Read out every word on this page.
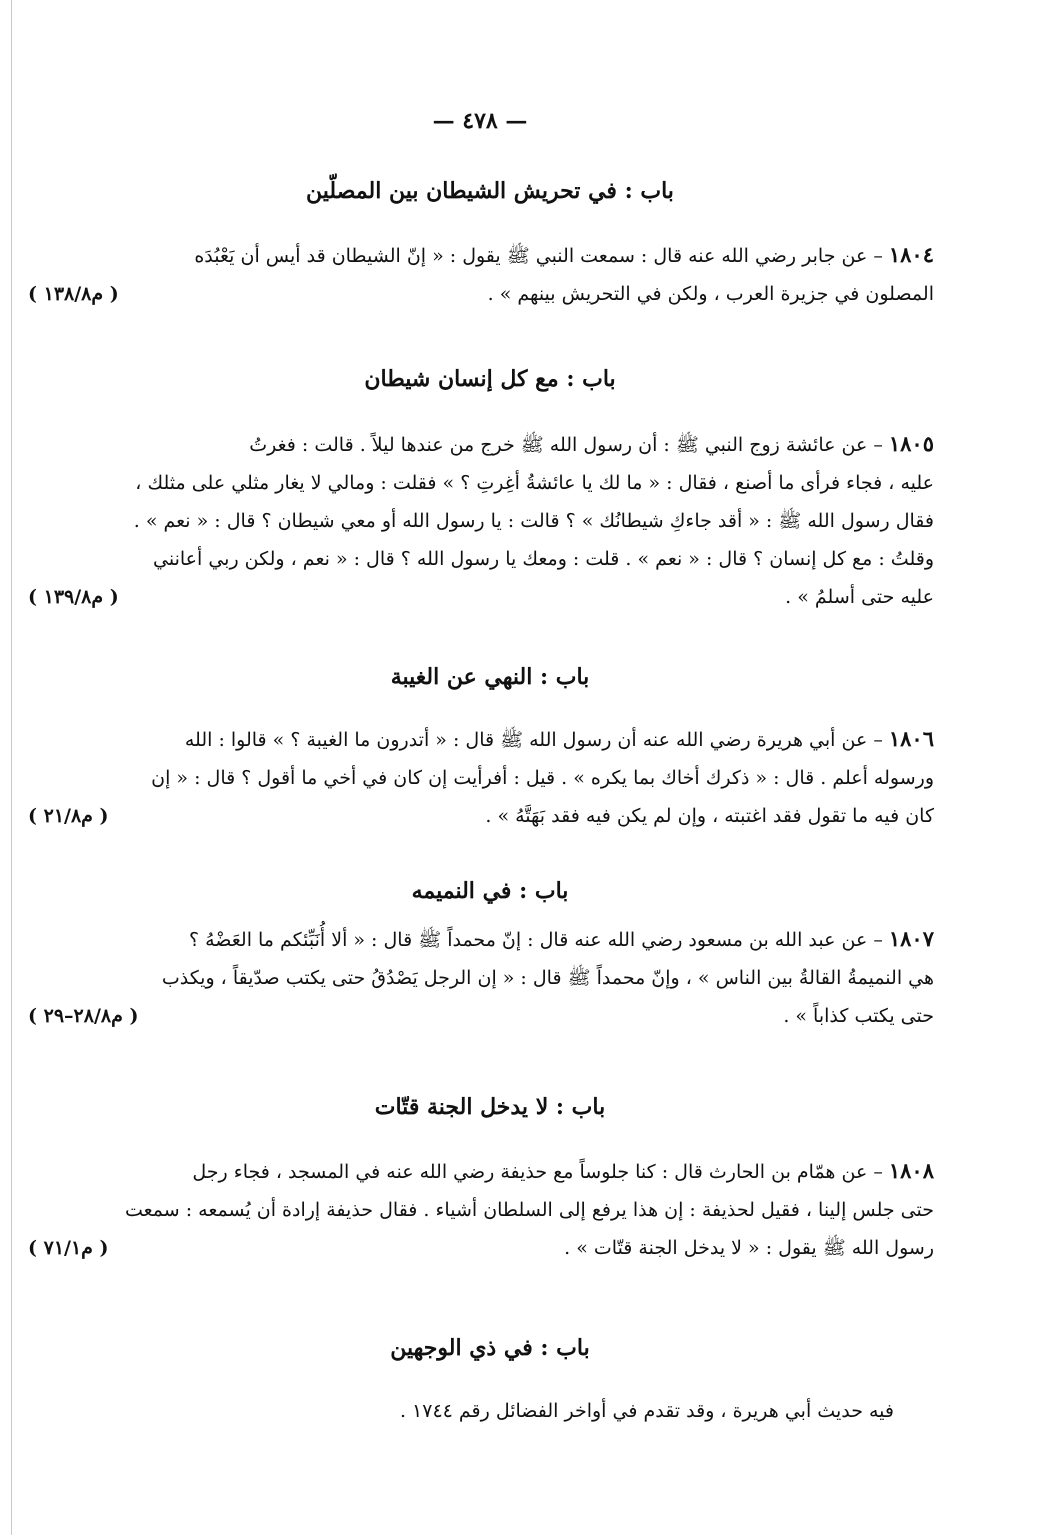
— ٤٧٨ —
باب : في تحريش الشيطان بين المصلّين
١٨٠٤ – عن جابر رضي الله عنه قال : سمعت النبي ﷺ يقول : « إنّ الشيطان قد أيس أن يَعْبُدَه
( م١٣٨/٨ )	المصلون في جزيرة العرب ، ولكن في التحريش بينهم » .
باب : مع كل إنسان شيطان
١٨٠٥ – عن عائشة زوج النبي ﷺ : أن رسول الله ﷺ خرج من عندها ليلاً . قالت : فغرتُ
عليه ، فجاء فرأى ما أصنع ، فقال : « ما لك يا عائشةُ أغِرتِ ؟ » فقلت : ومالي لا يغار مثلي على مثلك ،
فقال رسول الله ﷺ : « أقد جاءكِ شيطانُك » ؟ قالت : يا رسول الله أو معي شيطان ؟ قال : « نعم » .
وقلتُ : مع كل إنسان ؟ قال : « نعم » . قلت : ومعك يا رسول الله ؟ قال : « نعم ، ولكن ربي أعانني
( م١٣٩/٨ )	عليه حتى أسلمُ » .
باب : النهي عن الغيبة
١٨٠٦ – عن أبي هريرة رضي الله عنه أن رسول الله ﷺ قال : « أتدرون ما الغيبة ؟ » قالوا : الله
ورسوله أعلم . قال : « ذكرك أخاك بما يكره » . قيل : أفرأيت إن كان في أخي ما أقول ؟ قال : « إن
( م٢١/٨ )	كان فيه ما تقول فقد اغتبته ، وإن لم يكن فيه فقد بَهَتَّهُ » .
باب : في النميمه
١٨٠٧ – عن عبد الله بن مسعود رضي الله عنه قال : إنّ محمداً ﷺ قال : « ألا أُنَبِّئكم ما العَضْهُ ؟
هي النميمةُ القالةُ بين الناس » ، وإنّ محمداً ﷺ قال : « إن الرجل يَصْدُقُ حتى يكتب صدّيقاً ، ويكذب
( م٢٨/٨–٢٩ )	حتى يكتب كذاباً » .
باب : لا يدخل الجنة قتّات
١٨٠٨ – عن همّام بن الحارث قال : كنا جلوساً مع حذيفة رضي الله عنه في المسجد ، فجاء رجل
حتى جلس إلينا ، فقيل لحذيفة : إن هذا يرفع إلى السلطان أشياء . فقال حذيفة إرادة أن يُسمعه : سمعت
( م٧١/١ )	رسول الله ﷺ يقول : « لا يدخل الجنة قتّات » .
باب : في ذي الوجهين
فيه حديث أبي هريرة ، وقد تقدم في أواخر الفضائل رقم ١٧٤٤ .
